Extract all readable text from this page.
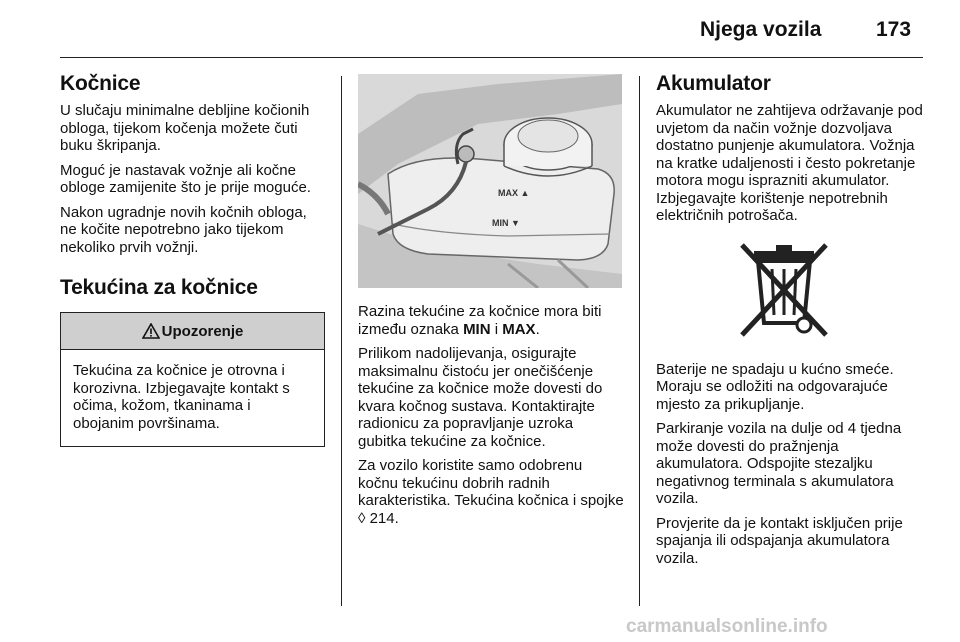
Njega vozila	173
Kočnice

U slučaju minimalne debljine kočionih obloga, tijekom kočenja možete čuti buku škripanja.

Moguć je nastavak vožnje ali kočne obloge zamijenite što je prije moguće.

Nakon ugradnje novih kočnih obloga, ne kočite nepotrebno jako tijekom nekoliko prvih vožnji.

Tekućina za kočnice
Upozorenje

Tekućina za kočnice je otrovna i korozivna. Izbjegavajte kontakt s očima, kožom, tkaninama i obojanim površinama.

MAX ▲
MIN ▼

Razina tekućine za kočnice mora biti između oznaka MIN i MAX.

Prilikom nadolijevanja, osigurajte maksimalnu čistoću jer onečišćenje tekućine za kočnice može dovesti do kvara kočnog sustava. Kontaktirajte radionicu za popravljanje uzroka gubitka tekućine za kočnice.

Za vozilo koristite samo odobrenu kočnu tekućinu dobrih radnih karakteristika. Tekućina kočnica i spojke ◊ 214.

Akumulator

Akumulator ne zahtijeva održavanje pod uvjetom da način vožnje dozvoljava dostatno punjenje akumulatora. Vožnja na kratke udaljenosti i često pokretanje motora mogu isprazniti akumulator. Izbjegavajte korištenje nepotrebnih električnih potrošača.

Baterije ne spadaju u kućno smeće. Moraju se odložiti na odgovarajuće mjesto za prikupljanje.

Parkiranje vozila na dulje od 4 tjedna može dovesti do pražnjenja akumulatora. Odspojite stezaljku negativnog terminala s akumulatora vozila.

Provjerite da je kontakt isključen prije spajanja ili odspajanja akumulatora vozila.

carmanualsonline.info
